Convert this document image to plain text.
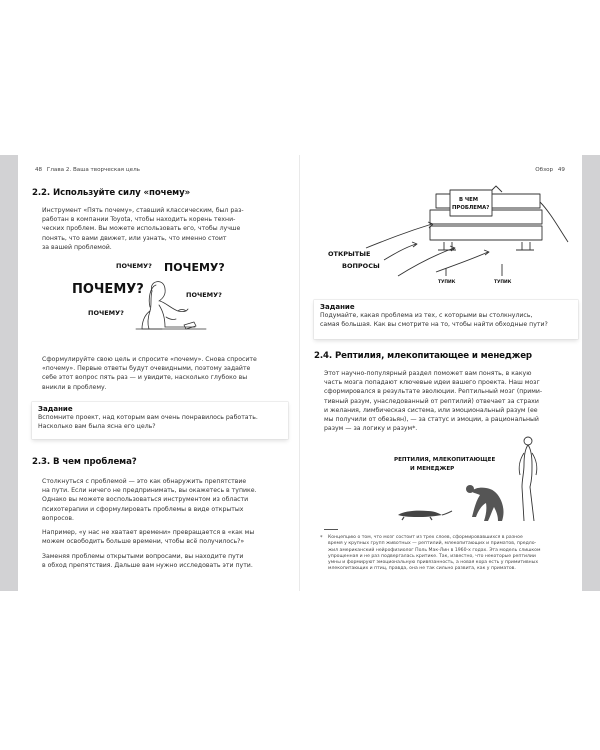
48 Глава 2. Ваша творческая цель
2.2. Используйте силу «почему»
Инструмент «Пять почему», ставший классическим, был раз-
работан в компании Toyota, чтобы находить корень техни-
ческих проблем. Вы можете использовать его, чтобы лучше
понять, что вами движет, или узнать, что именно стоит
за вашей проблемой.
ПОЧЕМУ? ПОЧЕМУ?
ПОЧЕМУ?	ПОЧЕМУ?
ПОЧЕМУ?
Сформулируйте свою цель и спросите «почему». Снова спросите
«почему». Первые ответы будут очевидными, поэтому задайте
себе этот вопрос пять раз — и увидите, насколько глубоко вы
вникли в проблему.
Задание
Вспомните проект, над которым вам очень понравилось работать.
Насколько вам была ясна его цель?
2.3. В чем проблема?
Столкнуться с проблемой — это как обнаружить препятствие
на пути. Если ничего не предпринимать, вы окажетесь в тупике.
Однако вы можете воспользоваться инструментом из области
психотерапии и сформулировать проблемы в виде открытых
вопросов.
Например, «у нас не хватает времени» превращается в «как мы
можем освободить больше времени, чтобы всё получилось?»
Заменяя проблемы открытыми вопросами, вы находите пути
в обход препятствия. Дальше вам нужно исследовать эти пути.
Обзор 49
В ЧЕМ
ПРОБЛЕМА?
ОТКРЫТЫЕ
ВОПРОСЫ
ТУПИК	ТУПИК
Задание
Подумайте, какая проблема из тех, с которыми вы столкнулись,
самая большая. Как вы смотрите на то, чтобы найти обходные пути?
2.4. Рептилия, млекопитающее и менеджер
Этот научно-популярный раздел поможет вам понять, в какую
часть мозга попадают ключевые идеи вашего проекта. Наш мозг
сформировался в результате эволюции. Рептильный мозг (прими-
тивный разум, унаследованный от рептилий) отвечает за страхи
и желания, лимбическая система, или эмоциональный разум (ее
мы получили от обезьян), — за статус и эмоции, а рациональный
разум — за логику и разум*.
РЕПТИЛИЯ, МЛЕКОПИТАЮЩЕЕ
И МЕНЕДЖЕР
* Концепцию о том, что мозг состоит из трех слоев, сформировавшихся в разное
время у крупных групп животных — рептилий, млекопитающих и приматов, предло-
жил американский нейрофизиолог Поль Мак-Лин в 1960-х годах. Эта модель слишком
упрощенная и не раз подвергалась критике. Так, известно, что некоторые рептилии
умны и формируют эмоциональную привязанность, а новая кора есть у примитивных
млекопитающих и птиц, правда, она не так сильно развита, как у приматов.
